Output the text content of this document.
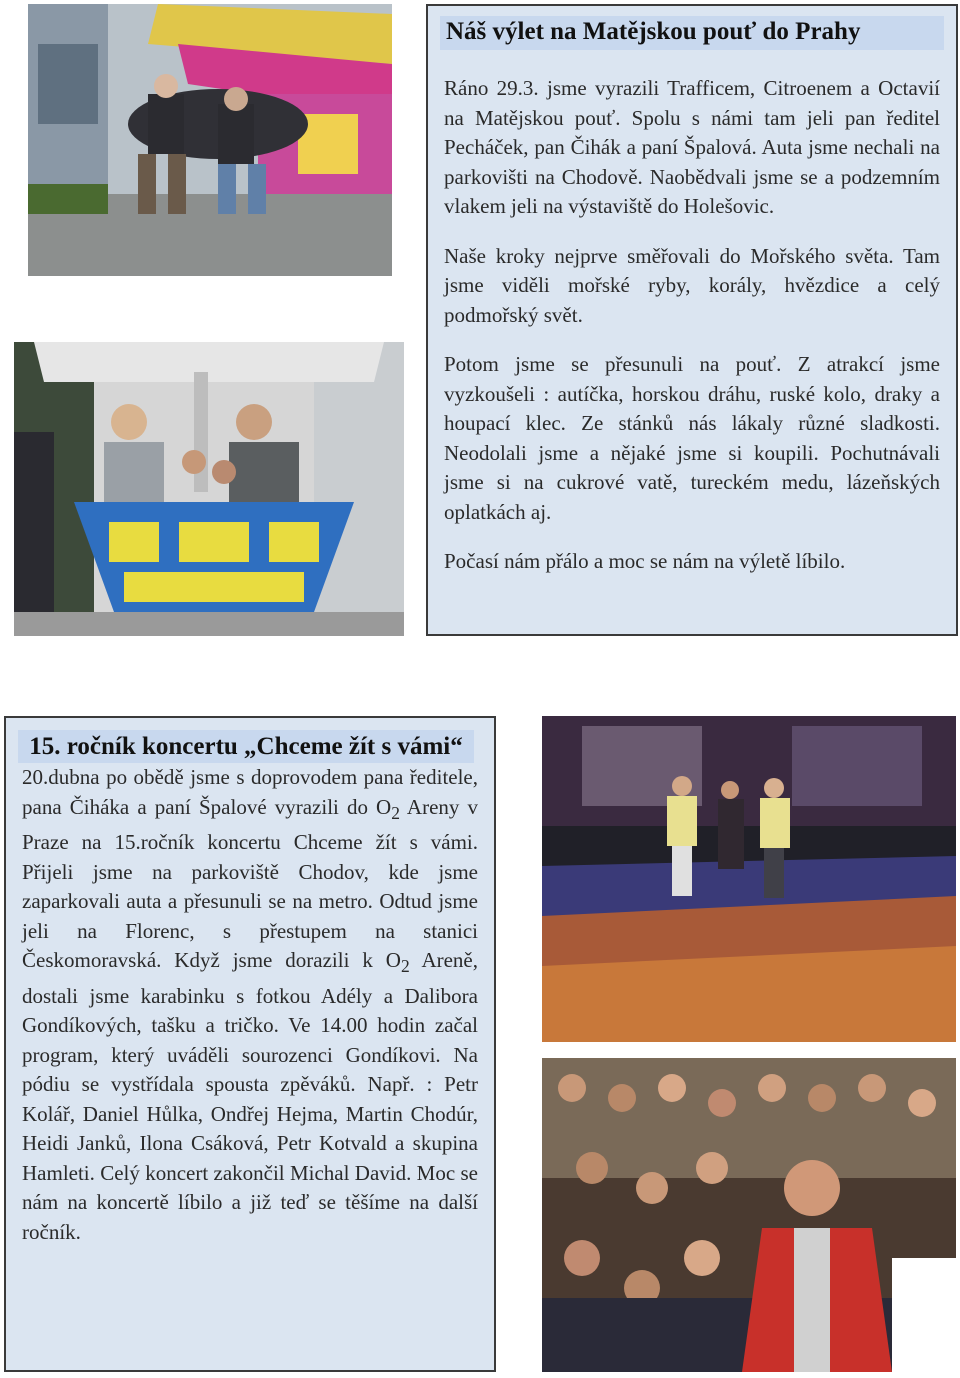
Náš výlet na Matějskou pouť do Prahy

Ráno 29.3. jsme vyrazili Trafficem, Citroenem a Octavií na Matějskou pouť. Spolu s námi tam jeli pan ředitel Pecháček, pan Čihák a paní Špalová. Auta jsme nechali na parkovišti na Chodově. Naobědvali jsme se a podzemním vlakem jeli na výstaviště do Holešovic.

Naše kroky nejprve směřovali do Mořského světa. Tam jsme viděli mořské ryby, korály, hvězdice a celý podmořský svět.

Potom jsme se přesunuli na pouť. Z atrakcí jsme vyzkoušeli : autíčka, horskou dráhu, ruské kolo, draky a houpací klec. Ze stánků nás lákaly různé sladkosti. Neodolali jsme a nějaké jsme si koupili. Pochutnávali jsme si na cukrové vatě, tureckém medu, lázeňských oplatkách aj.

Počasí nám přálo a moc se nám na výletě líbilo.

15. ročník koncertu „Chceme žít s vámi“
20.dubna po obědě jsme s doprovodem pana ředitele, pana Čiháka a paní Špalové vyrazili do $O_2$ Areny v Praze na 15.ročník koncertu Chceme žít s vámi. Přijeli jsme na parkoviště Chodov, kde jsme zaparkovali auta a přesunuli se na metro. Odtud jsme jeli na Florenc, s přestupem na stanici Českomoravská. Když jsme dorazili k $O_2$ Areně, dostali jsme karabinku s fotkou Adély a Dalibora Gondíkových, tašku a tričko. Ve 14.00 hodin začal program, který uváděli sourozenci Gondíkovi. Na pódiu se vystřídala spousta zpěváků. Např. : Petr Kolář, Daniel Hůlka, Ondřej Hejma, Martin Chodúr, Heidi Janků, Ilona Csáková, Petr Kotvald a skupina Hamleti. Celý koncert zakončil Michal David. Moc se nám na koncertě líbilo a již teď se těšíme na další ročník.
